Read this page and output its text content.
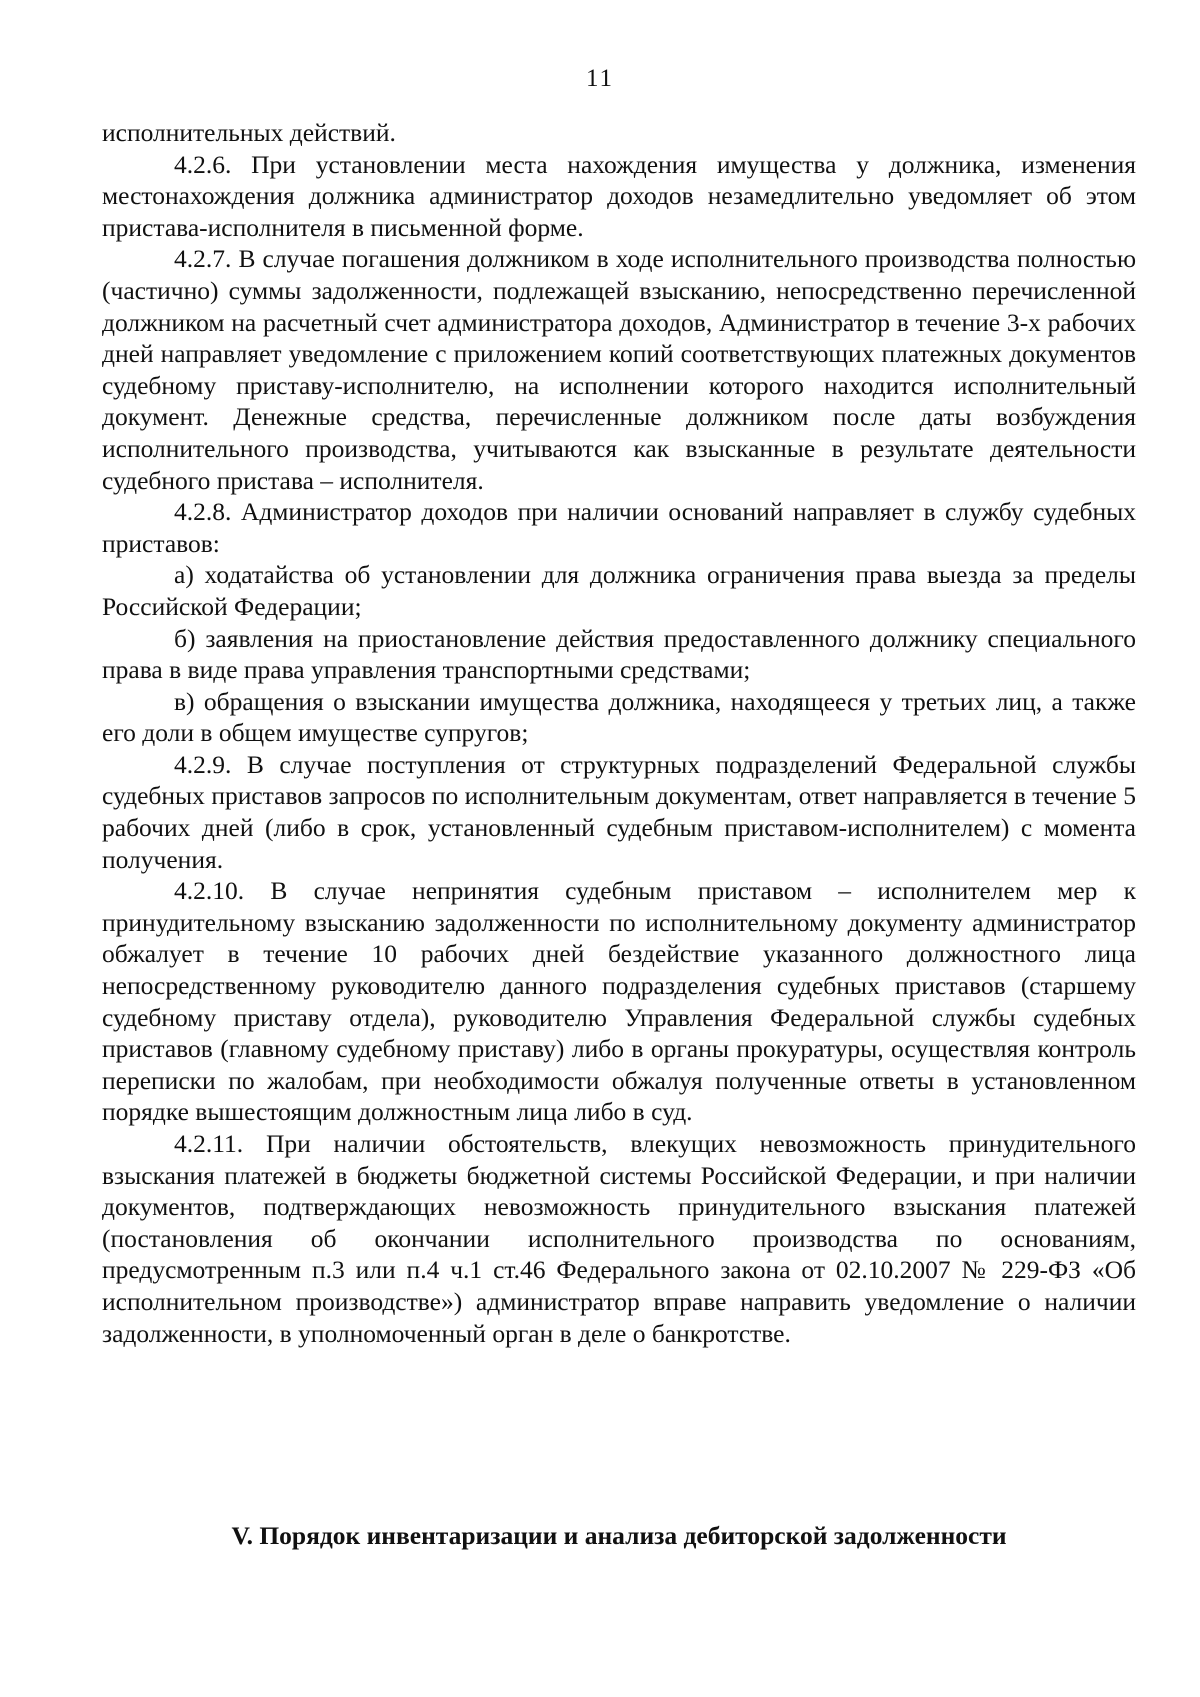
11

исполнительных действий.

4.2.6. При установлении места нахождения имущества у должника, изменения местонахождения должника администратор доходов незамедлительно уведомляет об этом пристава-исполнителя в письменной форме.

4.2.7. В случае погашения должником в ходе исполнительного производства полностью (частично) суммы задолженности, подлежащей взысканию, непосредственно перечисленной должником на расчетный счет администратора доходов, Администратор в течение 3-х рабочих дней направляет уведомление с приложением копий соответствующих платежных документов судебному приставу-исполнителю, на исполнении которого находится исполнительный документ. Денежные средства, перечисленные должником после даты возбуждения исполнительного производства, учитываются как взысканные в результате деятельности судебного пристава – исполнителя.

4.2.8. Администратор доходов при наличии оснований направляет в службу судебных приставов:

а) ходатайства об установлении для должника ограничения права выезда за пределы Российской Федерации;

б) заявления на приостановление действия предоставленного должнику специального права в виде права управления транспортными средствами;

в) обращения о взыскании имущества должника, находящееся у третьих лиц, а также его доли в общем имуществе супругов;

4.2.9. В случае поступления от структурных подразделений Федеральной службы судебных приставов запросов по исполнительным документам, ответ направляется в течение 5 рабочих дней (либо в срок, установленный судебным приставом-исполнителем) с момента получения.

4.2.10. В случае непринятия судебным приставом – исполнителем мер к принудительному взысканию задолженности по исполнительному документу администратор обжалует в течение 10 рабочих дней бездействие указанного должностного лица непосредственному руководителю данного подразделения судебных приставов (старшему судебному приставу отдела), руководителю Управления Федеральной службы судебных приставов (главному судебному приставу) либо в органы прокуратуры, осуществляя контроль переписки по жалобам, при необходимости обжалуя полученные ответы в установленном порядке вышестоящим должностным лица либо в суд.

4.2.11. При наличии обстоятельств, влекущих невозможность принудительного взыскания платежей в бюджеты бюджетной системы Российской Федерации, и при наличии документов, подтверждающих невозможность принудительного взыскания платежей (постановления об окончании исполнительного производства по основаниям, предусмотренным п.3 или п.4 ч.1 ст.46 Федерального закона от 02.10.2007 № 229-ФЗ «Об исполнительном производстве») администратор вправе направить уведомление о наличии задолженности, в уполномоченный орган в деле о банкротстве.

V. Порядок инвентаризации и анализа дебиторской задолженности
